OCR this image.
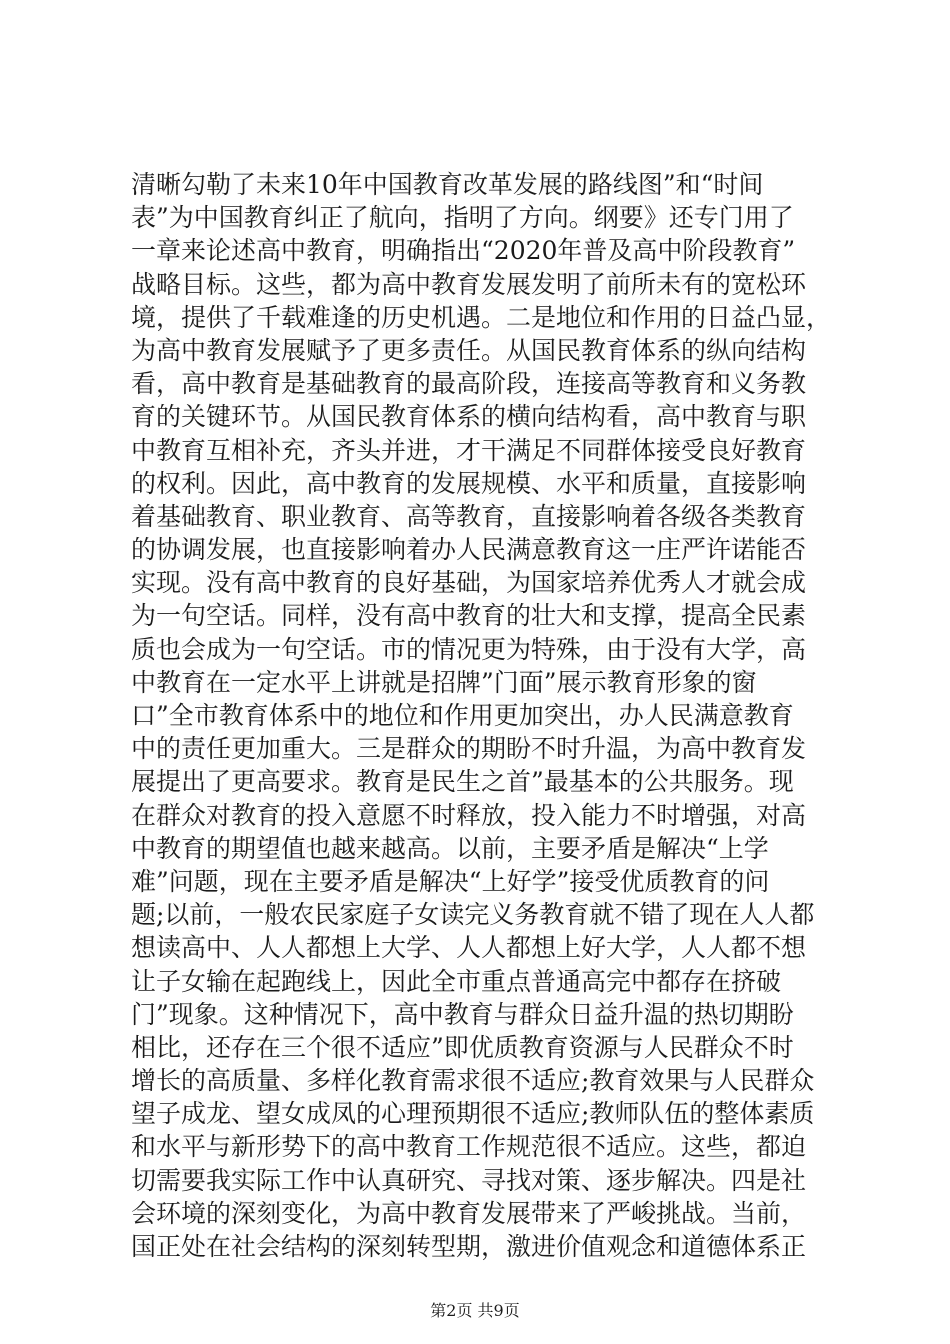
清晰勾勒了未来10年中国教育改革发展的路线图”和“时间
表”为中国教育纠正了航向，指明了方向。纲要》还专门用了
一章来论述高中教育，明确指出“2020年普及高中阶段教育”
战略目标。这些，都为高中教育发展发明了前所未有的宽松环
境，提供了千载难逢的历史机遇。二是地位和作用的日益凸显，
为高中教育发展赋予了更多责任。从国民教育体系的纵向结构
看，高中教育是基础教育的最高阶段，连接高等教育和义务教
育的关键环节。从国民教育体系的横向结构看，高中教育与职
中教育互相补充，齐头并进，才干满足不同群体接受良好教育
的权利。因此，高中教育的发展规模、水平和质量，直接影响
着基础教育、职业教育、高等教育，直接影响着各级各类教育
的协调发展，也直接影响着办人民满意教育这一庄严许诺能否
实现。没有高中教育的良好基础，为国家培养优秀人才就会成
为一句空话。同样，没有高中教育的壮大和支撑，提高全民素
质也会成为一句空话。市的情况更为特殊，由于没有大学，高
中教育在一定水平上讲就是招牌”门面”展示教育形象的窗
口”全市教育体系中的地位和作用更加突出，办人民满意教育
中的责任更加重大。三是群众的期盼不时升温，为高中教育发
展提出了更高要求。教育是民生之首”最基本的公共服务。现
在群众对教育的投入意愿不时释放，投入能力不时增强，对高
中教育的期望值也越来越高。以前，主要矛盾是解决“上学
难”问题，现在主要矛盾是解决“上好学”接受优质教育的问
题;以前，一般农民家庭子女读完义务教育就不错了现在人人都
想读高中、人人都想上大学、人人都想上好大学，人人都不想
让子女输在起跑线上，因此全市重点普通高完中都存在挤破
门”现象。这种情况下，高中教育与群众日益升温的热切期盼
相比，还存在三个很不适应”即优质教育资源与人民群众不时
增长的高质量、多样化教育需求很不适应;教育效果与人民群众
望子成龙、望女成凤的心理预期很不适应;教师队伍的整体素质
和水平与新形势下的高中教育工作规范很不适应。这些，都迫
切需要我实际工作中认真研究、寻找对策、逐步解决。四是社
会环境的深刻变化，为高中教育发展带来了严峻挑战。当前，
国正处在社会结构的深刻转型期，激进价值观念和道德体系正
第2页 共9页
